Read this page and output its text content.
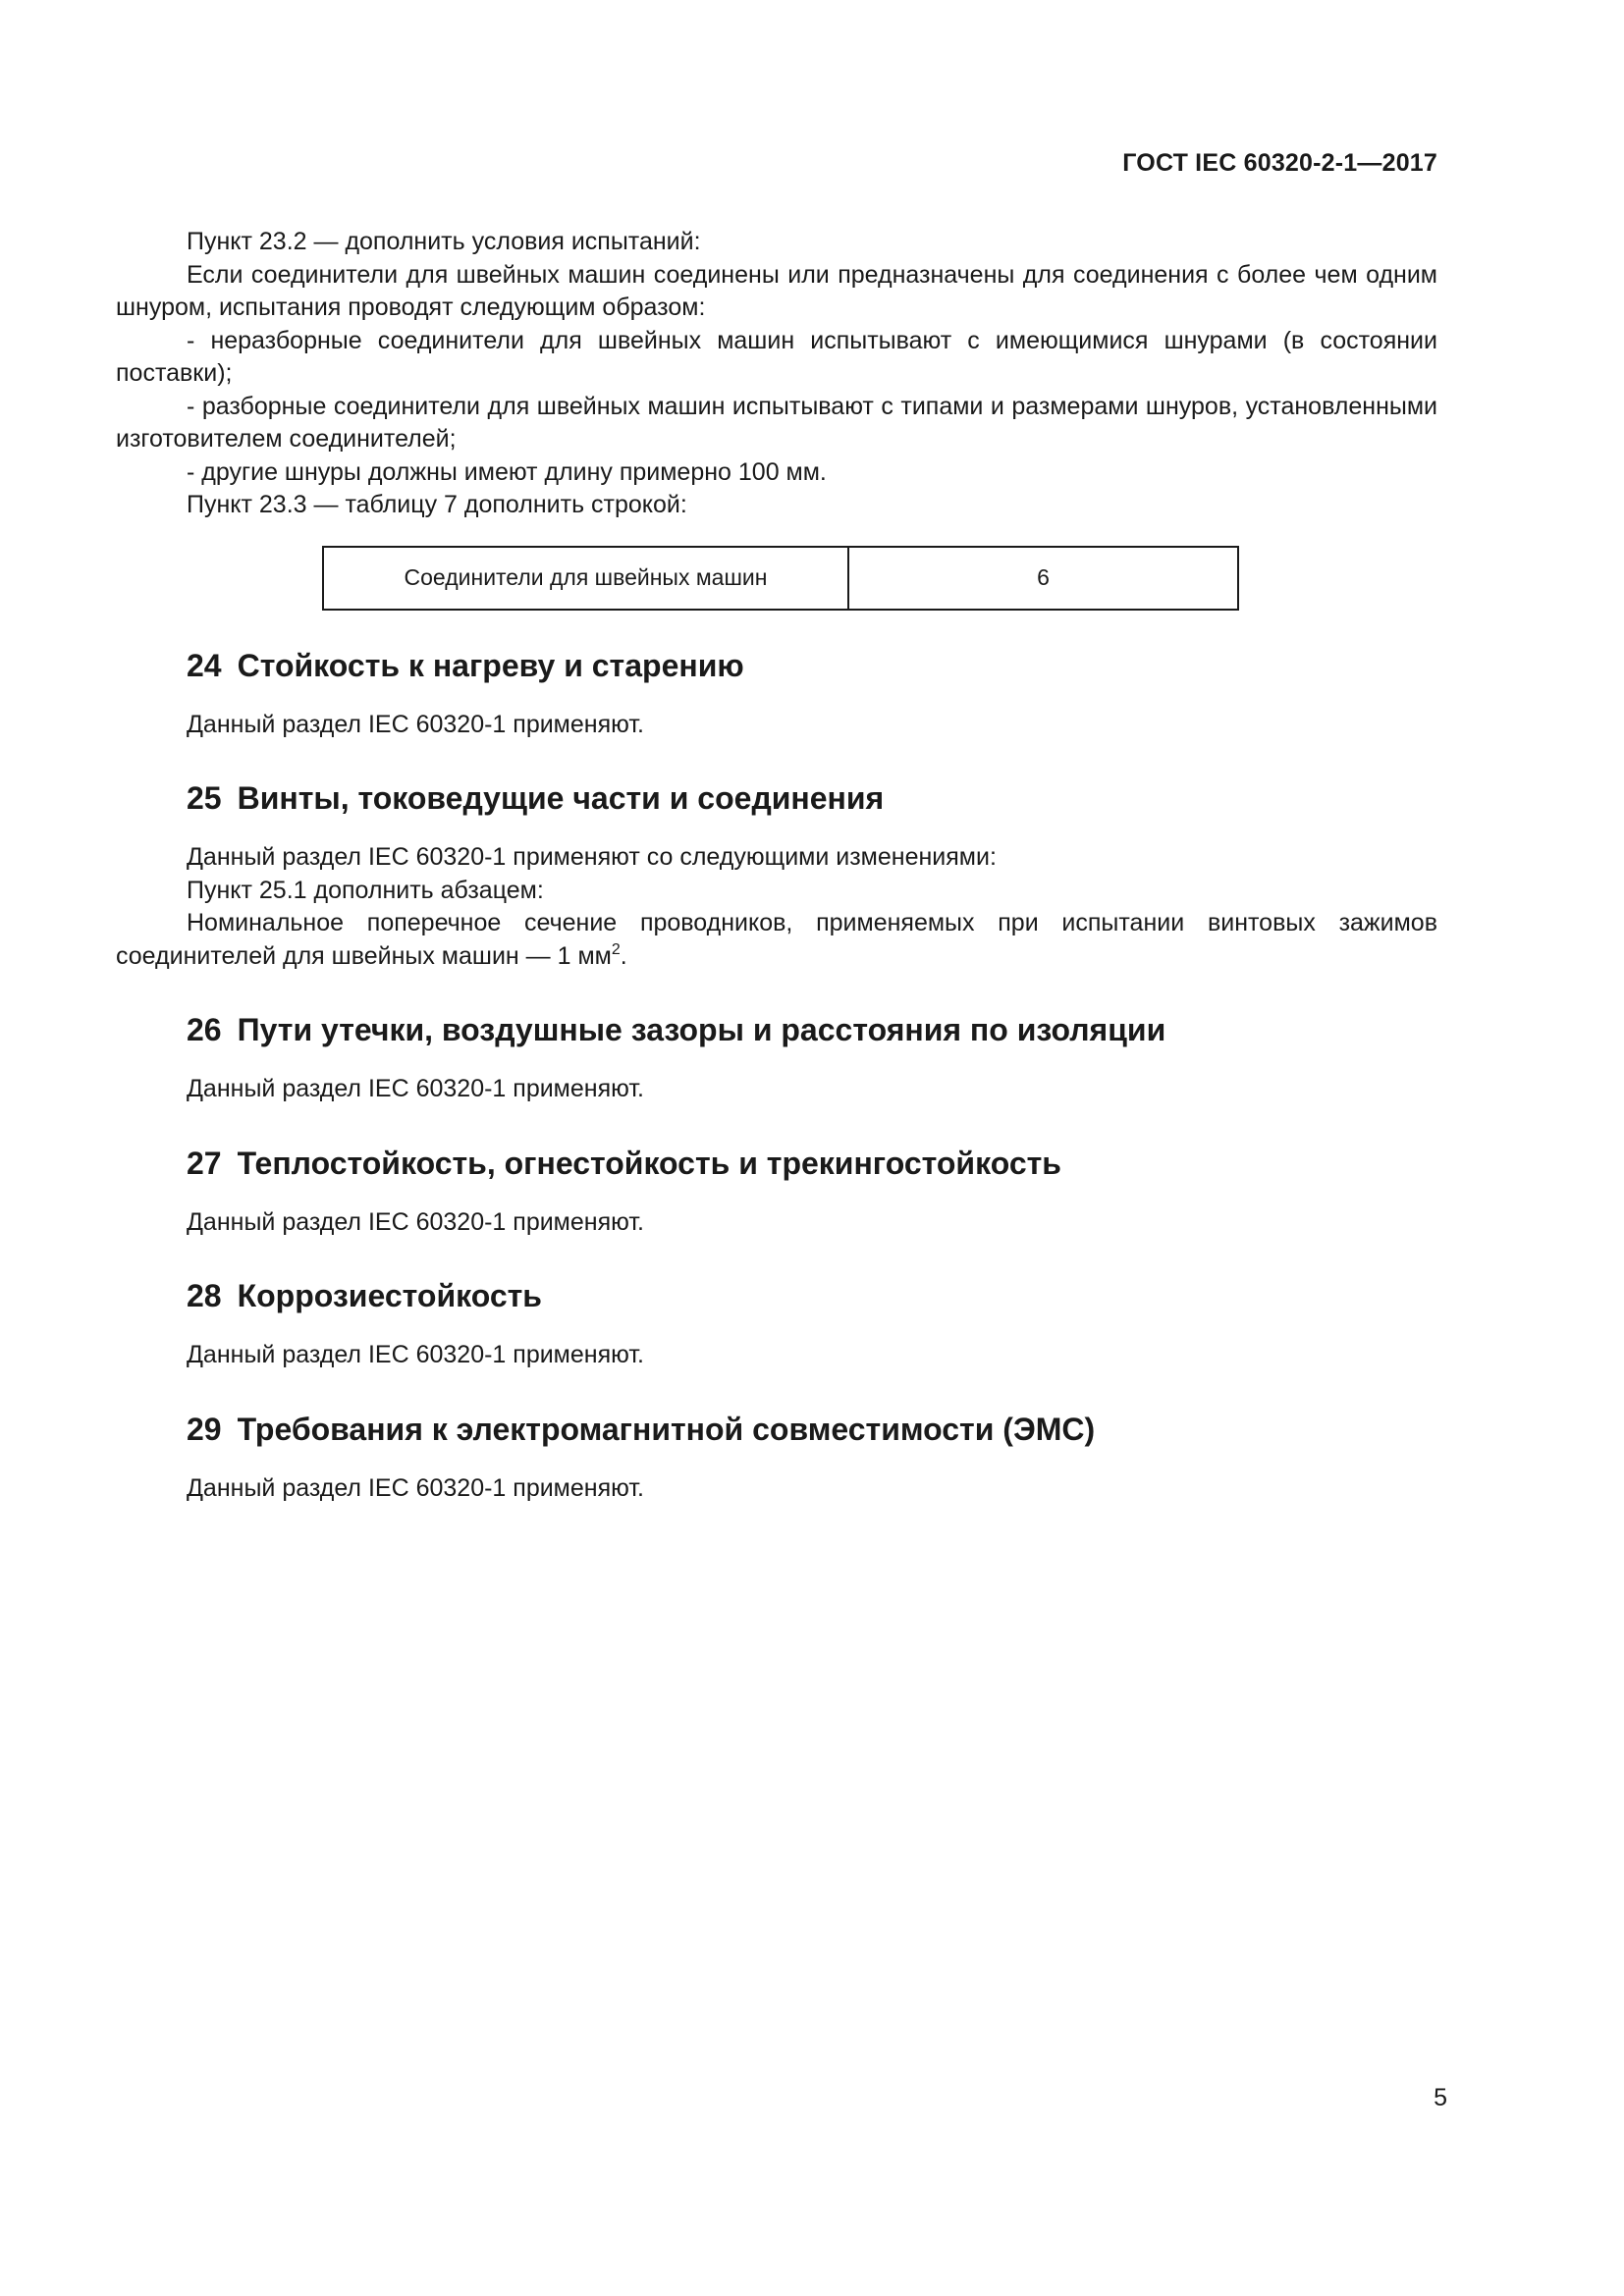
ГОСТ IEC 60320-2-1—2017

Пункт 23.2 — дополнить условия испытаний:

Если соединители для швейных машин соединены или предназначены для соединения с более чем одним шнуром, испытания проводят следующим образом:

- неразборные соединители для швейных машин испытывают с имеющимися шнурами (в состоянии поставки);

- разборные соединители для швейных машин испытывают с типами и размерами шнуров, установленными изготовителем соединителей;

- другие шнуры должны имеют длину примерно 100 мм.

Пункт 23.3 — таблицу 7 дополнить строкой:

Соединители для швейных машин	6
24 Стойкость к нагреву и старению

Данный раздел IEC 60320-1 применяют.

25 Винты, токоведущие части и соединения

Данный раздел IEC 60320-1 применяют со следующими изменениями:

Пункт 25.1 дополнить абзацем:

Номинальное поперечное сечение проводников, применяемых при испытании винтовых зажимов соединителей для швейных машин — 1 $мм^2$.

26 Пути утечки, воздушные зазоры и расстояния по изоляции

Данный раздел IEC 60320-1 применяют.

27 Теплостойкость, огнестойкость и трекингостойкость

Данный раздел IEC 60320-1 применяют.

28 Коррозиестойкость

Данный раздел IEC 60320-1 применяют.

29 Требования к электромагнитной совместимости (ЭМС)

Данный раздел IEC 60320-1 применяют.

5
